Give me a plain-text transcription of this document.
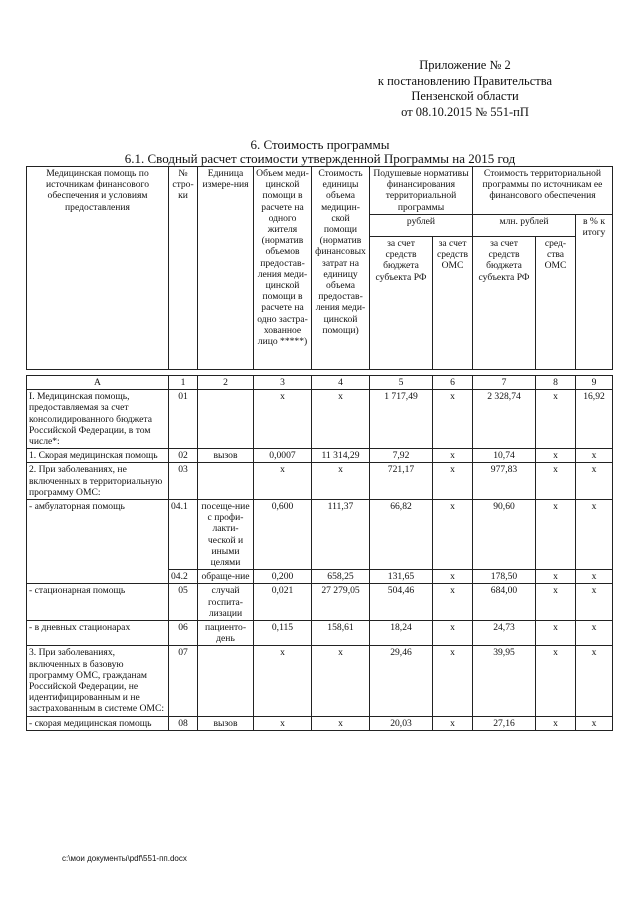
Приложение № 2
к постановлению Правительства
Пензенской области
от 08.10.2015 № 551-пП
6. Стоимость программы
6.1. Сводный расчет стоимости утвержденной Программы на 2015 год
Медицинская помощь по источникам финансового обеспечения и условиям предоставления	№ стро-ки	Единица измере-ния	Объем меди-цинской помощи в расчете на одного жителя (норматив объемов предостав-ления меди-цинской помощи в расчете на одно застра-хованное лицо *****)	Стоимость единицы объема медицин-ской помощи (норматив финансовых затрат на единицу объема предостав-ления меди-цинской помощи)	Подушевые нормативы финансирования территориальной программы		Стоимость территориальной программы по источникам ее финансового обеспечения		
					рублей		млн. рублей		в % к итогу
					за счет средств бюджета субъекта РФ	за счет средств ОМС	за счет средств бюджета субъекта РФ	сред-ства ОМС	

А	1	2	3	4	5	6	7	8	9
I. Медицинская помощь, предоставляемая за счет консолидированного бюджета Российской Федерации, в том числе*:	01		х	х	1 717,49	х	2 328,74	х	16,92
1. Скорая медицинская помощь	02	вызов	0,0007	11 314,29	7,92	х	10,74	х	х
2. При заболеваниях, не включенных в территориальную программу ОМС:	03		х	х	721,17	х	977,83	х	х
- амбулаторная помощь	04.1	посеще-ние с профи-лакти-ческой и иными целями	0,600	111,37	66,82	х	90,60	х	х
	04.2	обраще-ние	0,200	658,25	131,65	х	178,50	х	х
- стационарная помощь	05	случай госпита-лизации	0,021	27 279,05	504,46	х	684,00	х	х
- в дневных стационарах	06	пациенто-день	0,115	158,61	18,24	х	24,73	х	х
3. При заболеваниях, включенных в базовую программу ОМС, гражданам Российской Федерации, не идентифицированным и не застрахованным в системе ОМС:	07		х	х	29,46	х	39,95	х	х
- скорая медицинская помощь	08	вызов	х	х	20,03	х	27,16	х	х
c:\мои документы\pdf\551-пп.docx
